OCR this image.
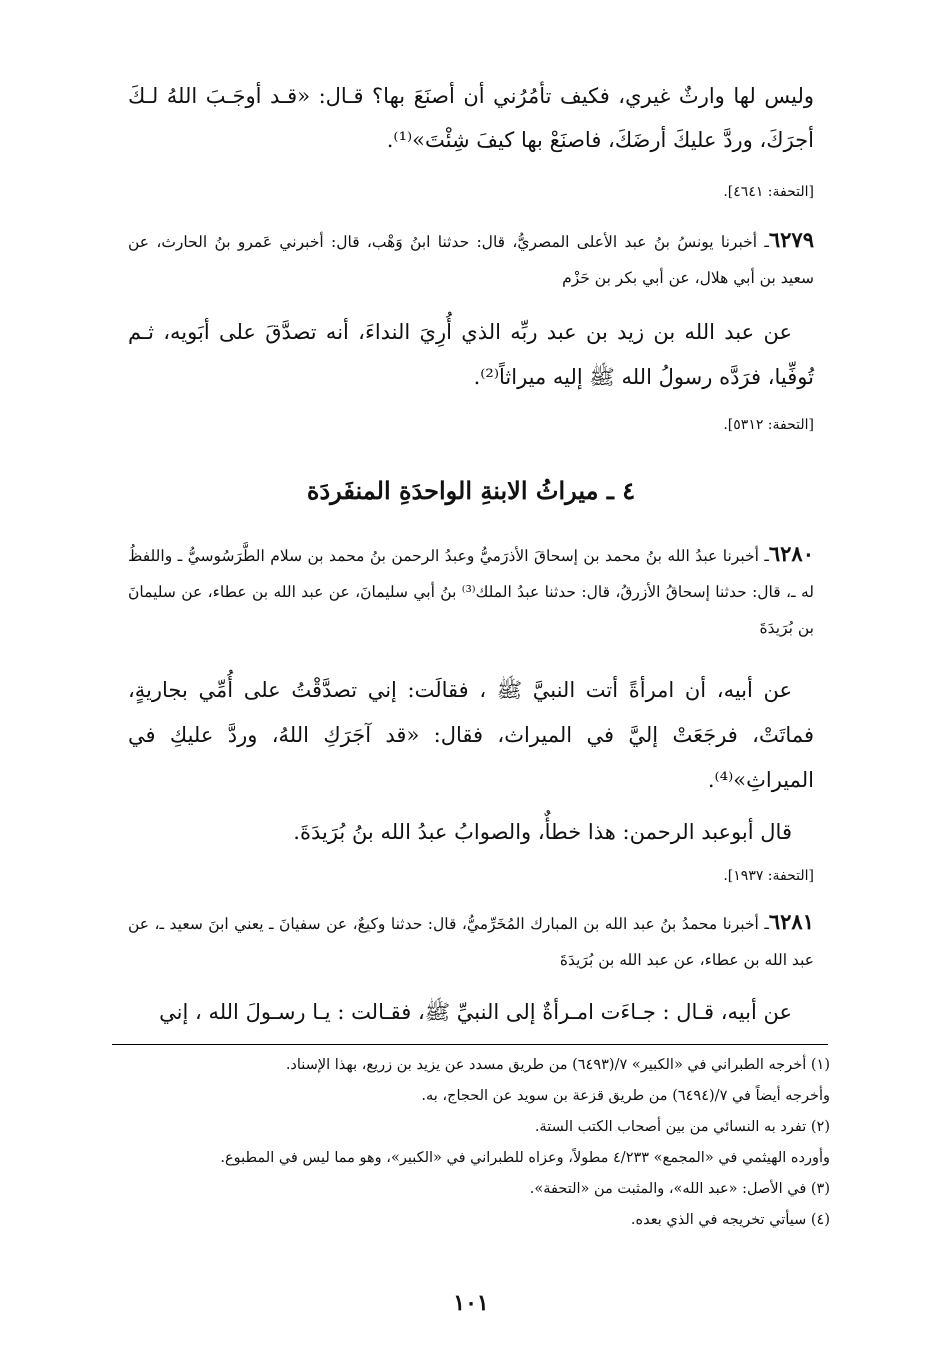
وليس لها وارثٌ غيري، فكيف تأمُرُني أن أصنَعَ بها؟ قـال: «قـد أوجَـبَ اللهُ لـكَ أجرَكَ، وردَّ عليكَ أرضَكَ، فاصنَعْ بها كيفَ شِئْتَ»⁽¹⁾.

[التحفة: ٤٦٤١].
٦٢٧٩ـ أخبرنا يونسُ بنُ عبد الأعلى المصريُّ، قال: حدثنا ابنُ وَهْب، قال: أخبرني عَمرو بنُ الحارث، عن سعيد بن أبي هلال، عن أبي بكر بن حَزْم

عن عبد الله بن زيد بن عبد ربِّه الذي أُرِيَ النداءَ، أنه تصدَّقَ على أبَويه، ثـم تُوفِّيا، فرَدَّه رسولُ الله ﷺ إليه ميراثاً⁽²⁾.

[التحفة: ٥٣١٢].
٤ ـ ميراثُ الابنةِ الواحدَةِ المنفَردَة
٦٢٨٠ـ أخبرنا عبدُ الله بنُ محمد بن إسحاقَ الأذرَميُّ وعبدُ الرحمن بنُ محمد بن سلام الطَّرَسُوسيُّ ـ واللفظُ له ـ، قال: حدثنا إسحاقُ الأزرقُ، قال: حدثنا عبدُ الملك⁽³⁾ بنُ أبي سليمانَ، عن عبد الله بن عطاء، عن سليمانَ بن بُرَيدَةَ

عن أبيه، أن امرأةً أتت النبيَّ ﷺ ، فقالَت: إني تصدَّقْتُ على أُمِّي بجاريةٍ، فماتَتْ، فرجَعَتْ إليَّ في الميراث، فقال: «قد آجَرَكِ اللهُ، وردَّ عليكِ في الميراثِ»⁽⁴⁾.

قال أبوعبد الرحمن: هذا خطأٌ، والصوابُ عبدُ الله بنُ بُرَيدَةَ.

[التحفة: ١٩٣٧].
٦٢٨١ـ أخبرنا محمدُ بنُ عبد الله بن المبارك المُخَرِّميُّ، قال: حدثنا وكيعٌ، عن سفيانَ ـ يعني ابنَ سعيد ـ، عن عبد الله بن عطاء، عن عبد الله بن بُرَيدَةَ

عن أبيه، قـال : جـاءَت امـرأةٌ إلى النبيِّ ﷺ، فقـالت : يـا رسـولَ الله ، إني

(١) أخرجه الطبراني في «الكبير» ٧/(٦٤٩٣) من طريق مسدد عن يزيد بن زريع، بهذا الإسناد.
وأخرجه أيضاً في ٧/(٦٤٩٤) من طريق قزعة بن سويد عن الحجاج، به.
(٢) تفرد به النسائي من بين أصحاب الكتب الستة.
وأورده الهيثمي في «المجمع» ٤/٢٣٣ مطولاً، وعزاه للطبراني في «الكبير»، وهو مما ليس في المطبوع.
(٣) في الأصل: «عبد الله»، والمثبت من «التحفة».
(٤) سيأتي تخريجه في الذي بعده.
١٠١
